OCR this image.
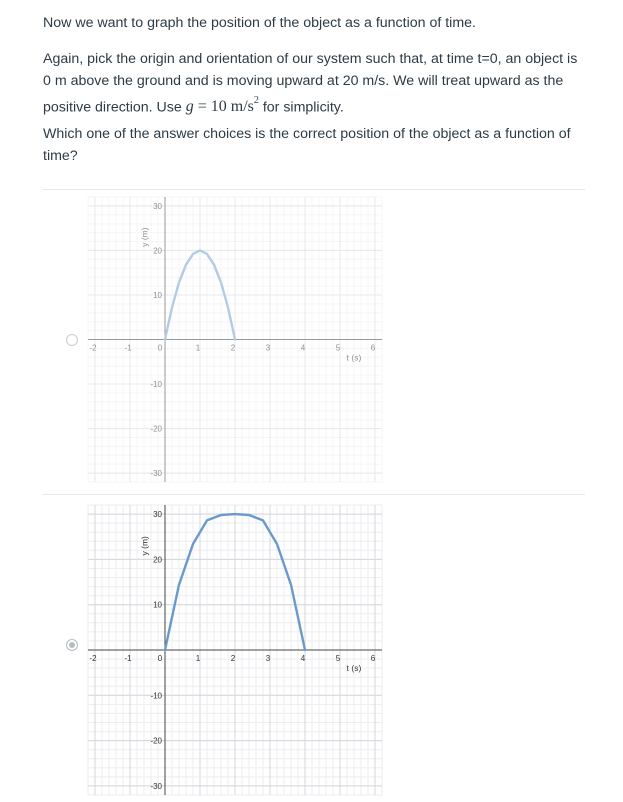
Now we want to graph the position of the object as a function of time.
Again, pick the origin and orientation of our system such that, at time t=0, an object is
0 m above the ground and is moving upward at 20 m/s. We will treat upward as the
positive direction. Use g = 10 $m/s^2$ for simplicity.
Which one of the answer choices is the correct position of the object as a function of
time?
-2	-1	1	2	3	4	5	6
0
-30
-20
-10
10
20
30
t (s)
y (m)
-2	-1	1	2	3	4	5	6
0
-30
-20
-10
10
20
30
t (s)
y (m)
